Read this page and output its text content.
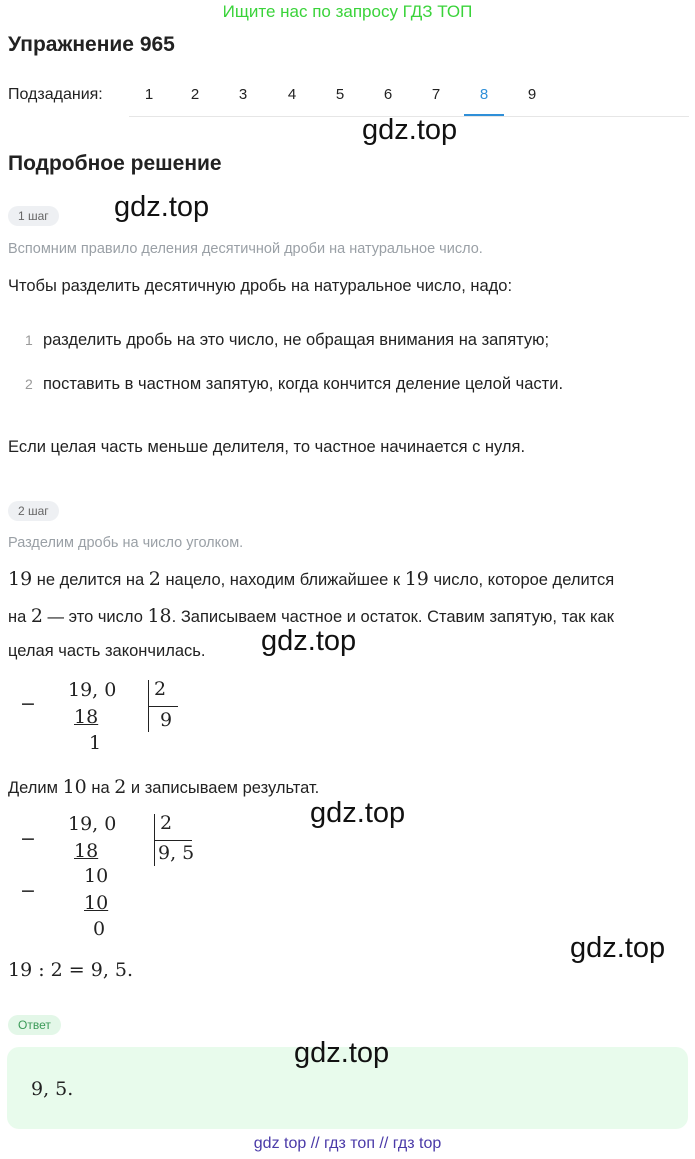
Ищите нас по запросу ГДЗ ТОП
Упражнение 965
Подзадания:	1	2	3	4	5	6	7	8	9
gdz.top
Подробное решение
1 шаг	gdz.top
Вспомним правило деления десятичной дроби на натуральное число.
Чтобы разделить десятичную дробь на натуральное число, надо:
1 разделить дробь на это число, не обращая внимания на запятую;
2 поставить в частном запятую, когда кончится деление целой части.
Если целая часть меньше делителя, то частное начинается с нуля.
2 шаг
Разделим дробь на число уголком.
19 не делится на 2 нацело, находим ближайшее к 19 число, которое делится
на 2 — это число 18. Записываем частное и остаток. Ставим запятую, так как
целая часть закончилась. gdz.top
−
19, 0
18
1
2
9
Делим 10 на 2 и записываем результат.
gdz.top
−
19, 0
18
−
10
10
0
2
9, 5
19 : 2 = 9, 5.
gdz.top
Ответ
9, 5.
gdz.top
gdz top // гдз топ // гдз top
